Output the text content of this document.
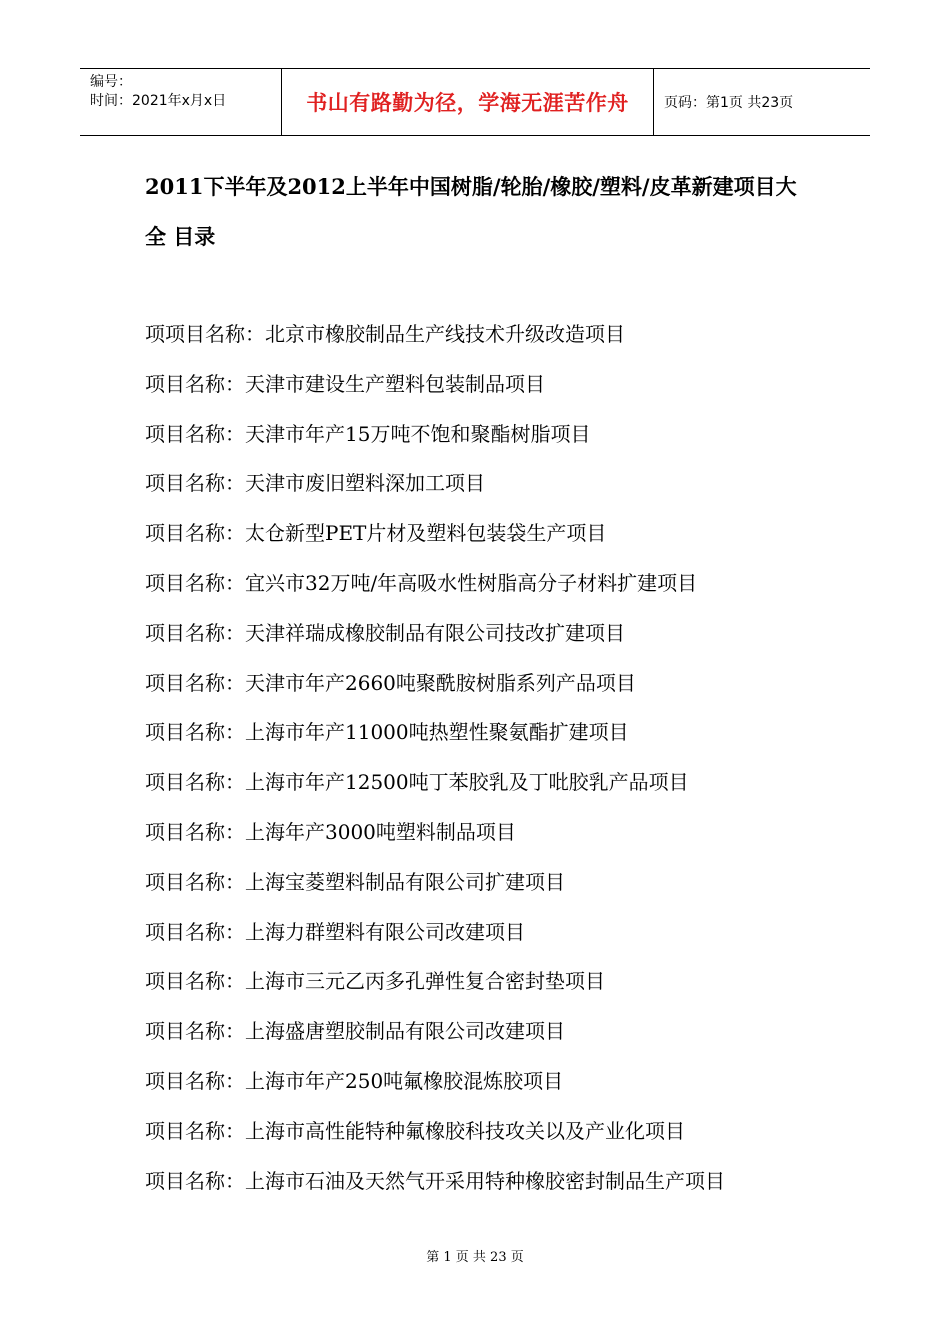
编号：
时间：2021年x月x日	书山有路勤为径，学海无涯苦作舟	页码：第1页 共23页
2011下半年及2012上半年中国树脂/轮胎/橡胶/塑料/皮革新建项目大
全 目录
项项目名称：北京市橡胶制品生产线技术升级改造项目
项目名称：天津市建设生产塑料包装制品项目
项目名称：天津市年产15万吨不饱和聚酯树脂项目
项目名称：天津市废旧塑料深加工项目
项目名称：太仓新型PET片材及塑料包装袋生产项目
项目名称：宜兴市32万吨/年高吸水性树脂高分子材料扩建项目
项目名称：天津祥瑞成橡胶制品有限公司技改扩建项目
项目名称：天津市年产2660吨聚酰胺树脂系列产品项目
项目名称：上海市年产11000吨热塑性聚氨酯扩建项目
项目名称：上海市年产12500吨丁苯胶乳及丁吡胶乳产品项目
项目名称：上海年产3000吨塑料制品项目
项目名称：上海宝菱塑料制品有限公司扩建项目
项目名称：上海力群塑料有限公司改建项目
项目名称：上海市三元乙丙多孔弹性复合密封垫项目
项目名称：上海盛唐塑胶制品有限公司改建项目
项目名称：上海市年产250吨氟橡胶混炼胶项目
项目名称：上海市高性能特种氟橡胶科技攻关以及产业化项目
项目名称：上海市石油及天然气开采用特种橡胶密封制品生产项目
第 1 页 共 23 页
